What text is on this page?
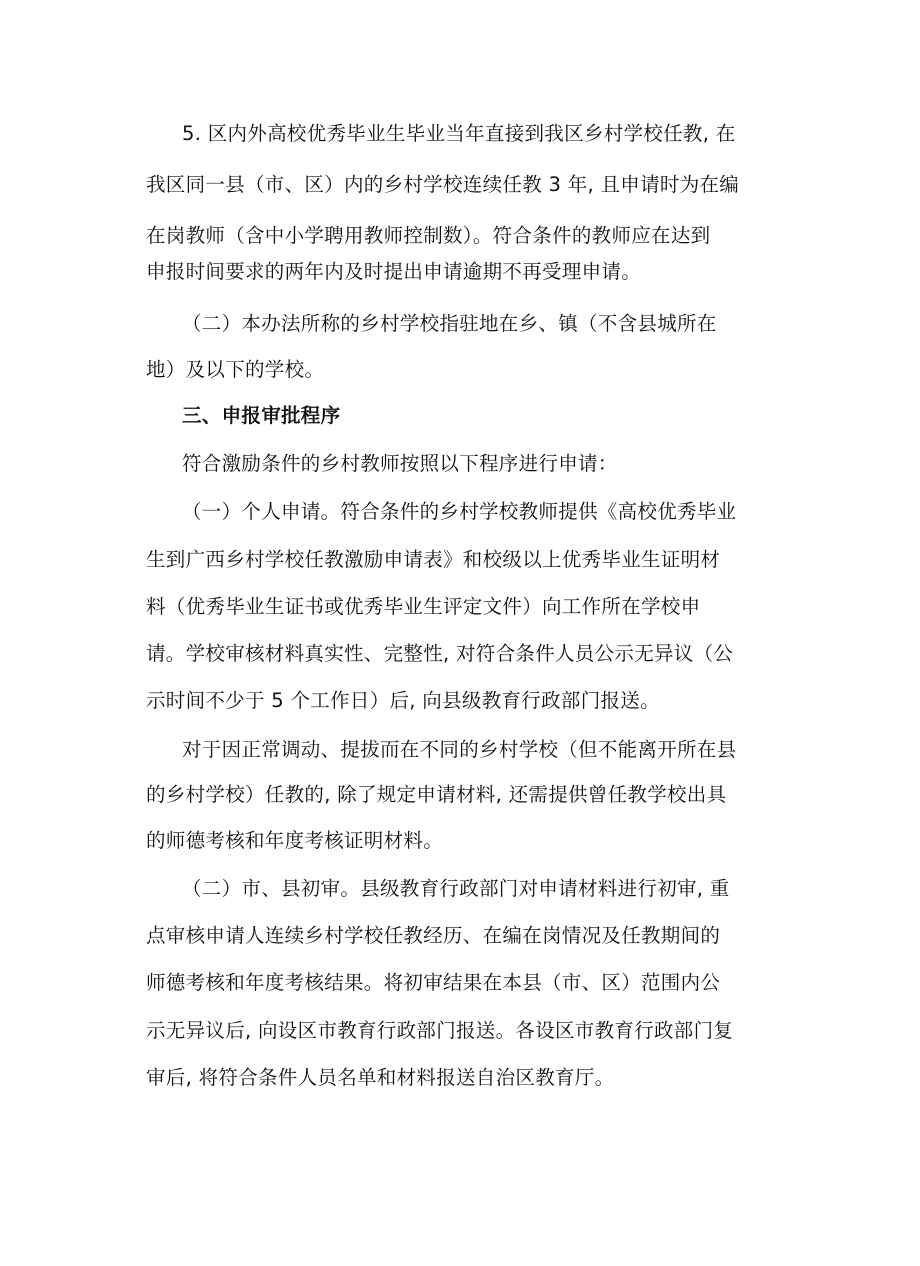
5. 区内外高校优秀毕业生毕业当年直接到我区乡村学校任教, 在

我区同一县（市、区）内的乡村学校连续任教 3 年, 且申请时为在编

在岗教师（含中小学聘用教师控制数）。符合条件的教师应在达到

申报时间要求的两年内及时提出申请逾期不再受理申请。

（二）本办法所称的乡村学校指驻地在乡、镇（不含县城所在

地）及以下的学校。

三、申报审批程序

符合激励条件的乡村教师按照以下程序进行申请：

（一）个人申请。符合条件的乡村学校教师提供《高校优秀毕业

生到广西乡村学校任教激励申请表》和校级以上优秀毕业生证明材

料（优秀毕业生证书或优秀毕业生评定文件）向工作所在学校申

请。学校审核材料真实性、完整性, 对符合条件人员公示无异议（公

示时间不少于 5 个工作日）后, 向县级教育行政部门报送。

对于因正常调动、提拔而在不同的乡村学校（但不能离开所在县

的乡村学校）任教的, 除了规定申请材料, 还需提供曾任教学校出具

的师德考核和年度考核证明材料。

（二）市、县初审。县级教育行政部门对申请材料进行初审, 重

点审核申请人连续乡村学校任教经历、在编在岗情况及任教期间的

师德考核和年度考核结果。将初审结果在本县（市、区）范围内公

示无异议后, 向设区市教育行政部门报送。各设区市教育行政部门复

审后, 将符合条件人员名单和材料报送自治区教育厅。
